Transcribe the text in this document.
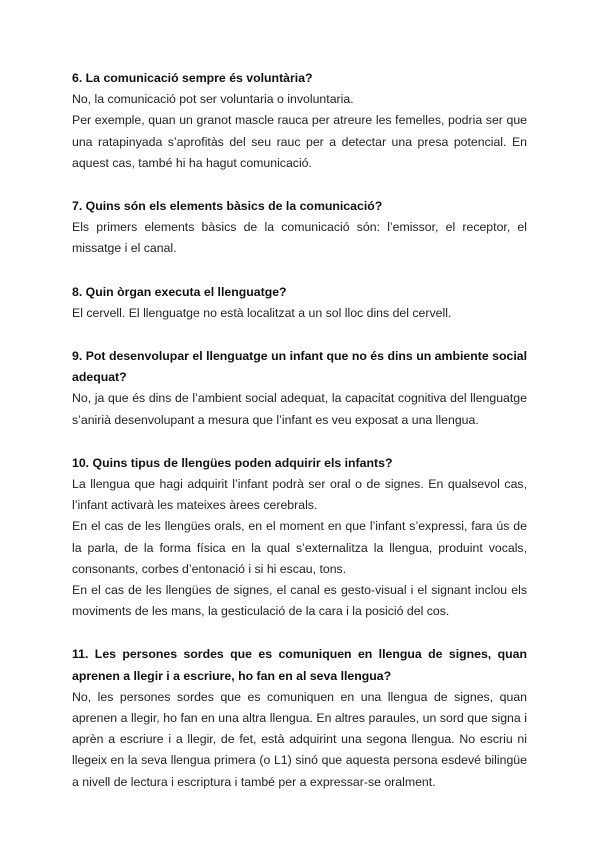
6. La comunicació sempre és voluntària?

No, la comunicació pot ser voluntaria o involuntaria.

Per exemple, quan un granot mascle rauca per atreure les femelles, podria ser que una ratapinyada s’aprofitàs del seu rauc per a detectar una presa potencial. En aquest cas, també hi ha hagut comunicació.

7. Quins són els elements bàsics de la comunicació?

Els primers elements bàsics de la comunicació són: l’emissor, el receptor, el missatge i el canal.

8. Quin òrgan executa el llenguatge?

El cervell. El llenguatge no està localitzat a un sol lloc dins del cervell.

9. Pot desenvolupar el llenguatge un infant que no és dins un ambiente social adequat?

No, ja que és dins de l’ambient social adequat, la capacitat cognitiva del llenguatge s’anirià desenvolupant a mesura que l’infant es veu exposat a una llengua.

10. Quins tipus de llengües poden adquirir els infants?

La llengua que hagi adquirit l’infant podrà ser oral o de signes. En qualsevol cas, l’infant activarà les mateixes àrees cerebrals.

En el cas de les llengües orals, en el moment en que l’infant s’expressi, fara ús de la parla, de la forma física en la qual s’externalitza la llengua, produint vocals, consonants, corbes d’entonació i si hi escau, tons.

En el cas de les llengües de signes, el canal es gesto-visual i el signant inclou els moviments de les mans, la gesticulació de la cara i la posició del cos.

11. Les persones sordes que es comuniquen en llengua de signes, quan aprenen a llegir i a escriure, ho fan en al seva llengua?

No, les persones sordes que es comuniquen en una llengua de signes, quan aprenen a llegir, ho fan en una altra llengua. En altres paraules, un sord que signa i aprèn a escriure i a llegir, de fet, està adquirint una segona llengua. No escriu ni llegeix en la seva llengua primera (o L1) sinó que aquesta persona esdevé bilingüe a nivell de lectura i escriptura i també per a expressar-se oralment.
